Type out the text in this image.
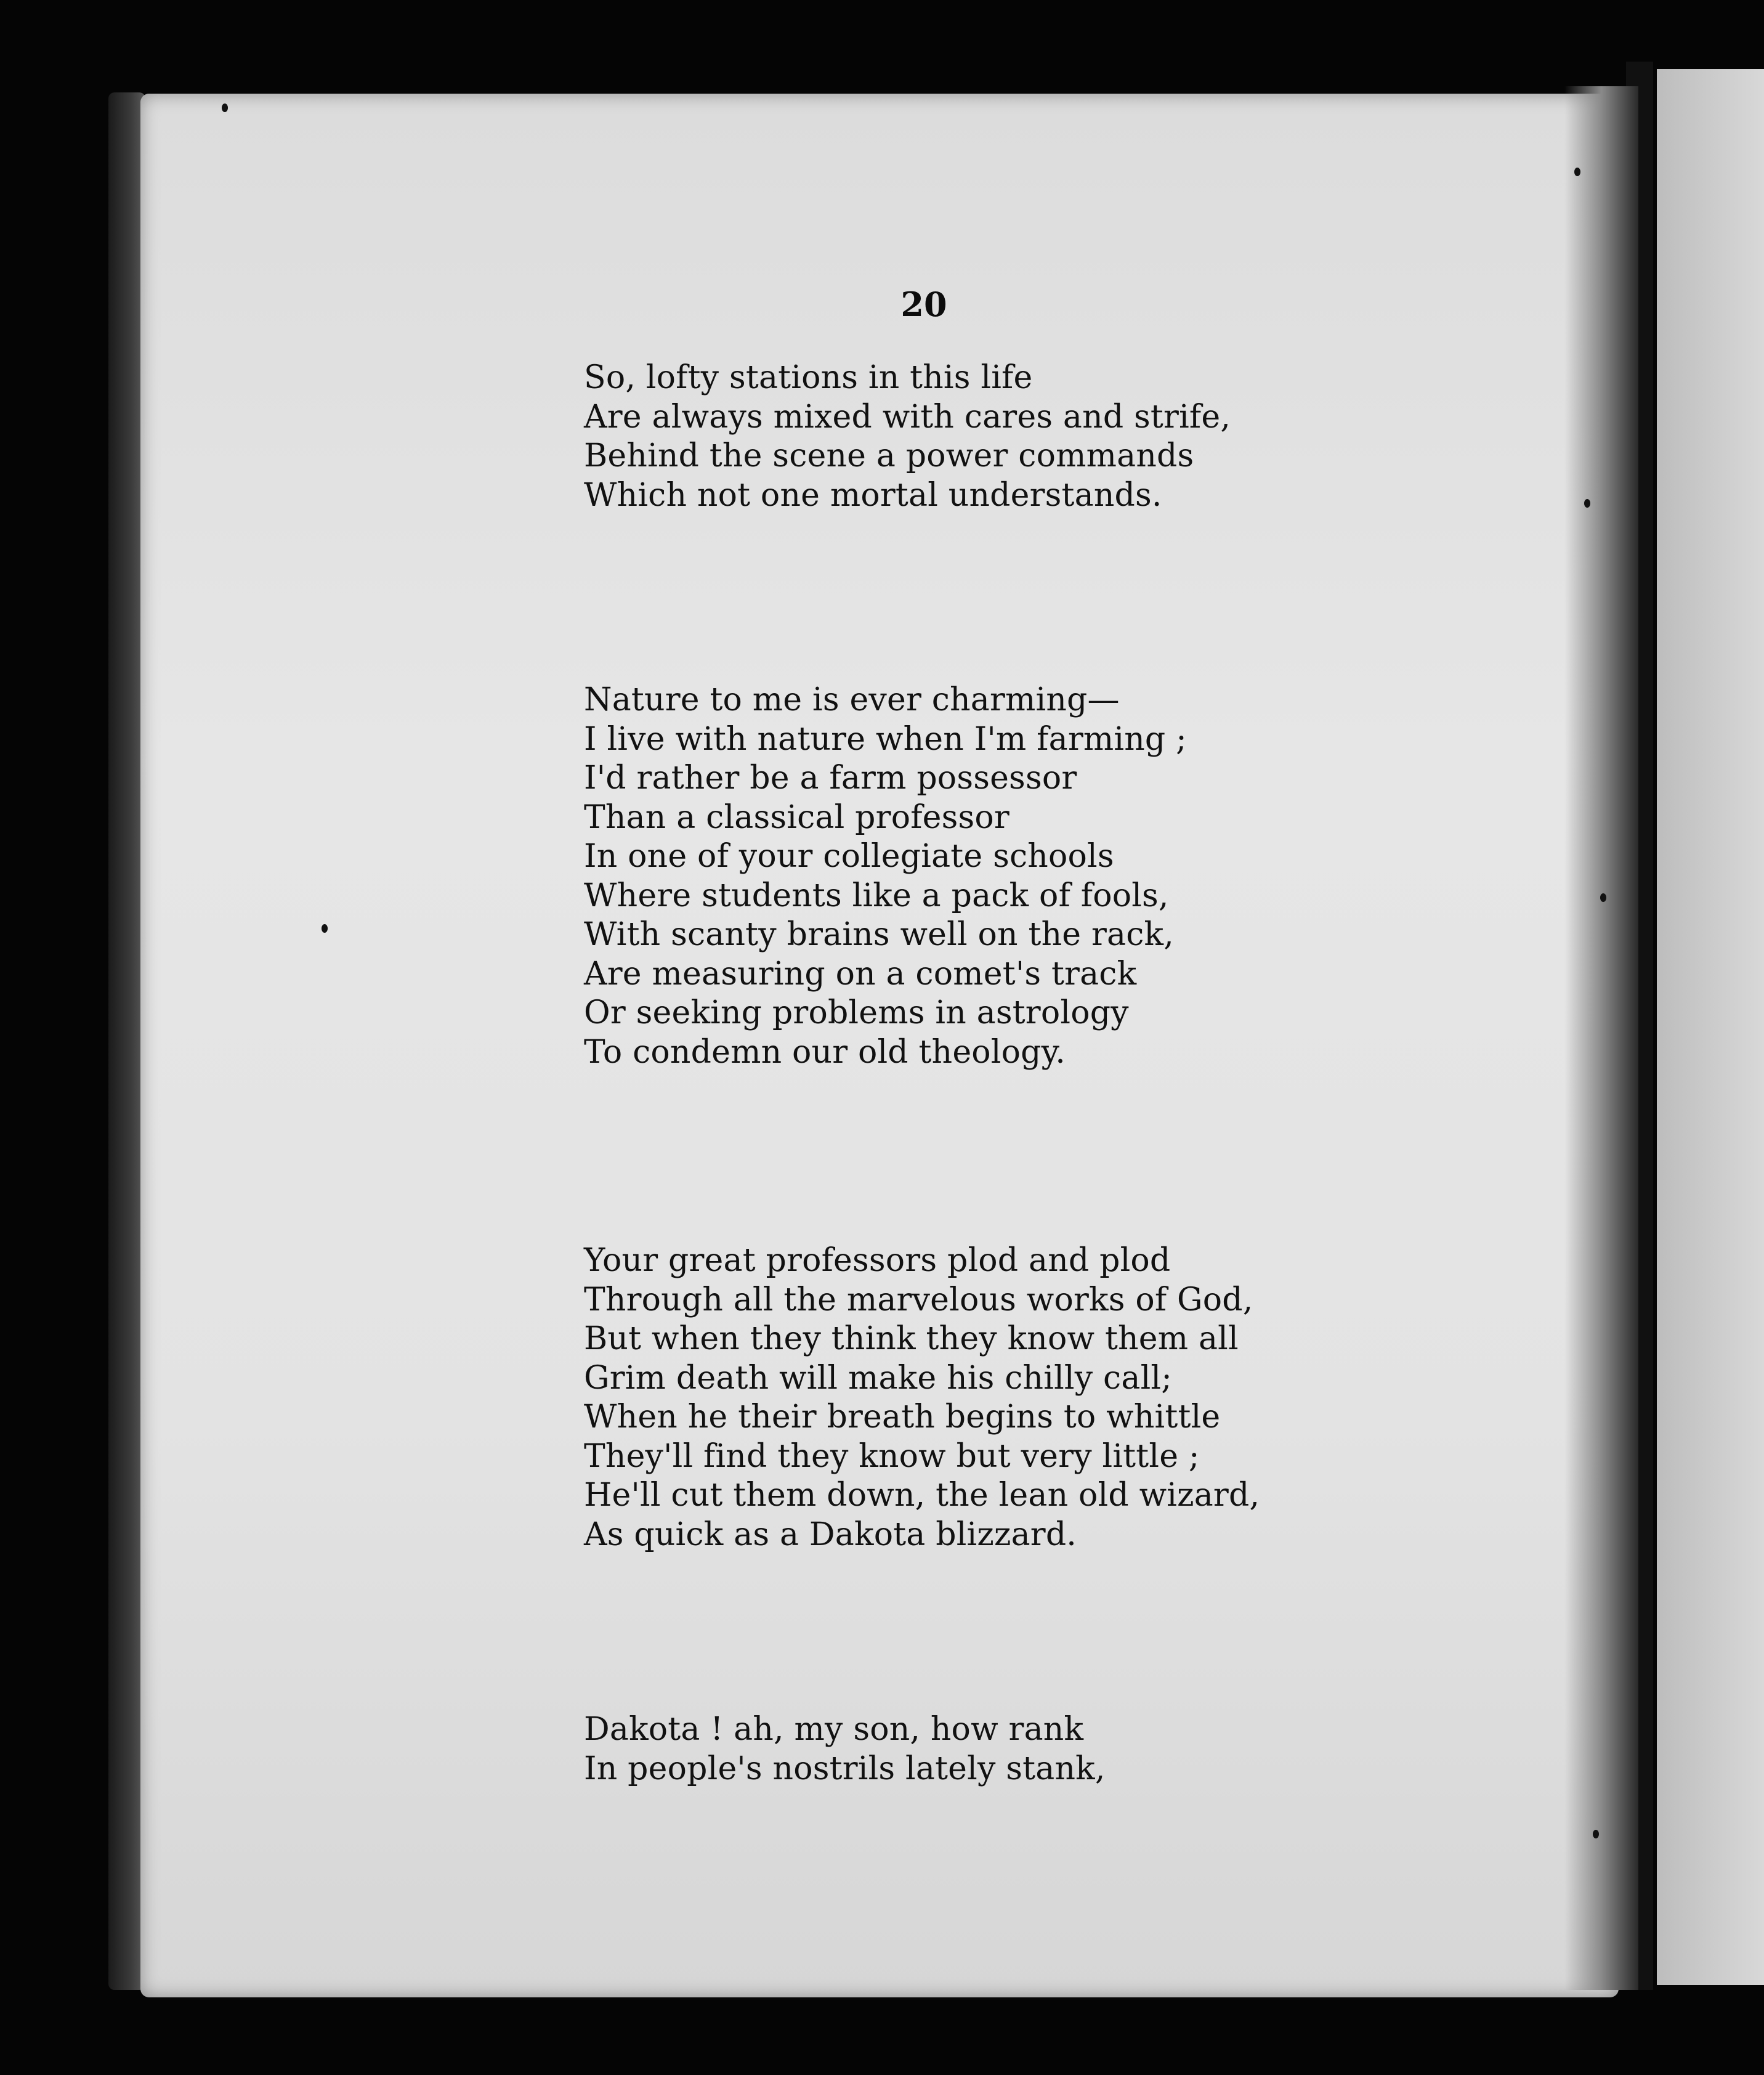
20
So, lofty stations in this life
Are always mixed with cares and strife,
Behind the scene a power commands
Which not one mortal understands.
Nature to me is ever charming—
I live with nature when I'm farming ;
I'd rather be a farm possessor
Than a classical professor
In one of your collegiate schools
Where students like a pack of fools,
With scanty brains well on the rack,
Are measuring on a comet's track
Or seeking problems in astrology
To condemn our old theology.
Your great professors plod and plod
Through all the marvelous works of God,
But when they think they know them all
Grim death will make his chilly call;
When he their breath begins to whittle
They'll find they know but very little ;
He'll cut them down, the lean old wizard,
As quick as a Dakota blizzard.
Dakota ! ah, my son, how rank
In people's nostrils lately stank,
